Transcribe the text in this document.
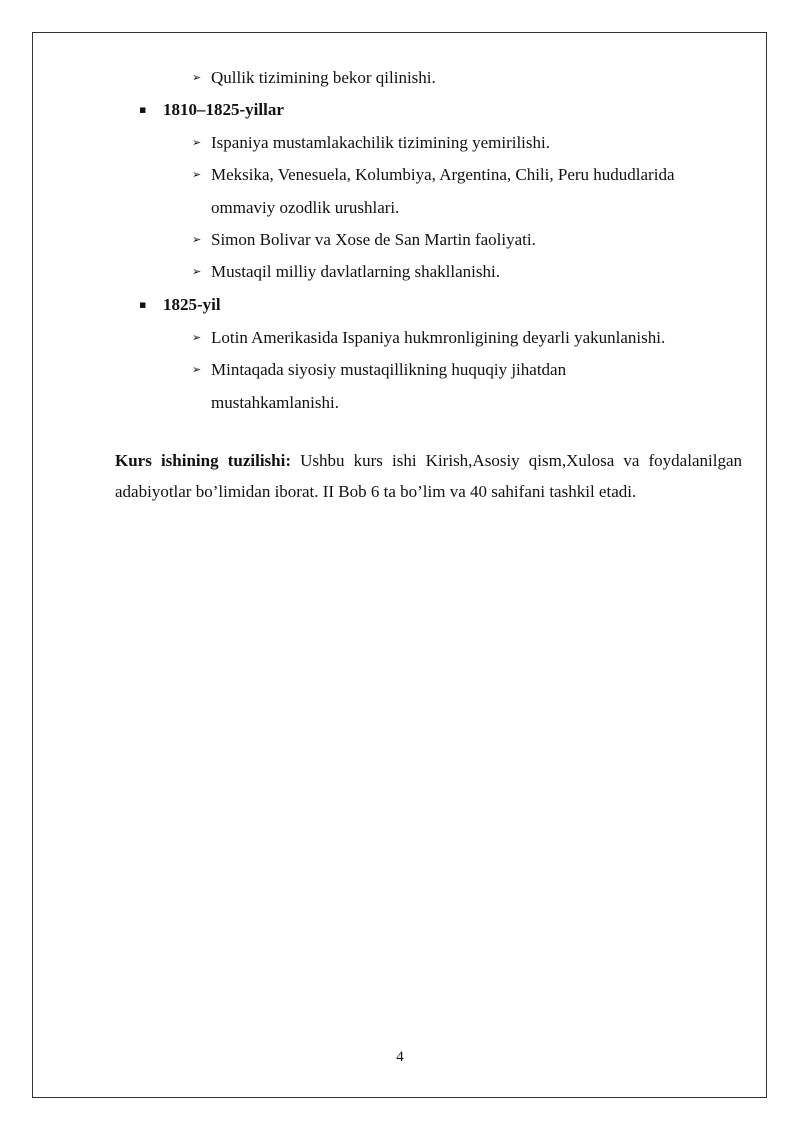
➢ Qullik tizimining bekor qilinishi.
▪ 1810–1825-yillar
➢ Ispaniya mustamlakachilik tizimining yemirilishi.
➢ Meksika, Venesuela, Kolumbiya, Argentina, Chili, Peru hududlarida
ommaviy ozodlik urushlari.
➢ Simon Bolivar va Xose de San Martin faoliyati.
➢ Mustaqil milliy davlatlarning shakllanishi.
▪ 1825-yil
➢ Lotin Amerikasida Ispaniya hukmronligining deyarli yakunlanishi.
➢ Mintaqada siyosiy mustaqillikning huquqiy jihatdan
mustahkamlanishi.

Kurs ishining tuzilishi: Ushbu kurs ishi Kirish,Asosiy qism,Xulosa va foydalanilgan adabiyotlar bo’limidan iborat. II Bob 6 ta bo’lim va 40 sahifani tashkil etadi.

4
